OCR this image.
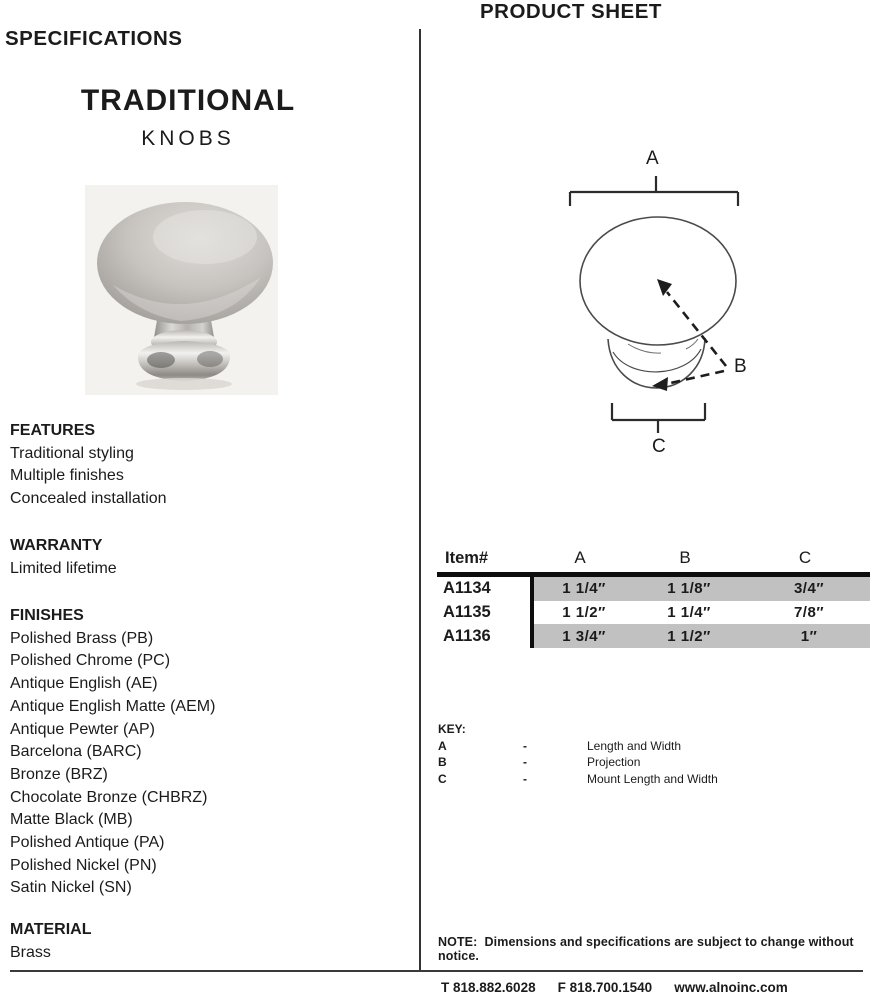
SPECIFICATIONS
PRODUCT SHEET
TRADITIONAL
KNOBS
FEATURES
Traditional styling
Multiple finishes
Concealed installation
WARRANTY
Limited lifetime
FINISHES
Polished Brass (PB)
Polished Chrome (PC)
Antique English (AE)
Antique English Matte (AEM)
Antique Pewter (AP)
Barcelona (BARC)
Bronze (BRZ)
Chocolate Bronze (CHBRZ)
Matte Black (MB)
Polished Antique (PA)
Polished Nickel (PN)
Satin Nickel (SN)
MATERIAL
Brass
A
B
C
Item#	A	B	C
A1134	1 1/4″	1 1/8″	3/4″
A1135	1 1/2″	1 1/4″	7/8″
A1136	1 3/4″	1 1/2″	1″
KEY:
A	-	Length and Width
B	-	Projection
C	-	Mount Length and Width
NOTE:  Dimensions and specifications are subject to change without notice.
T 818.882.6028 F 818.700.1540 www.alnoinc.com
